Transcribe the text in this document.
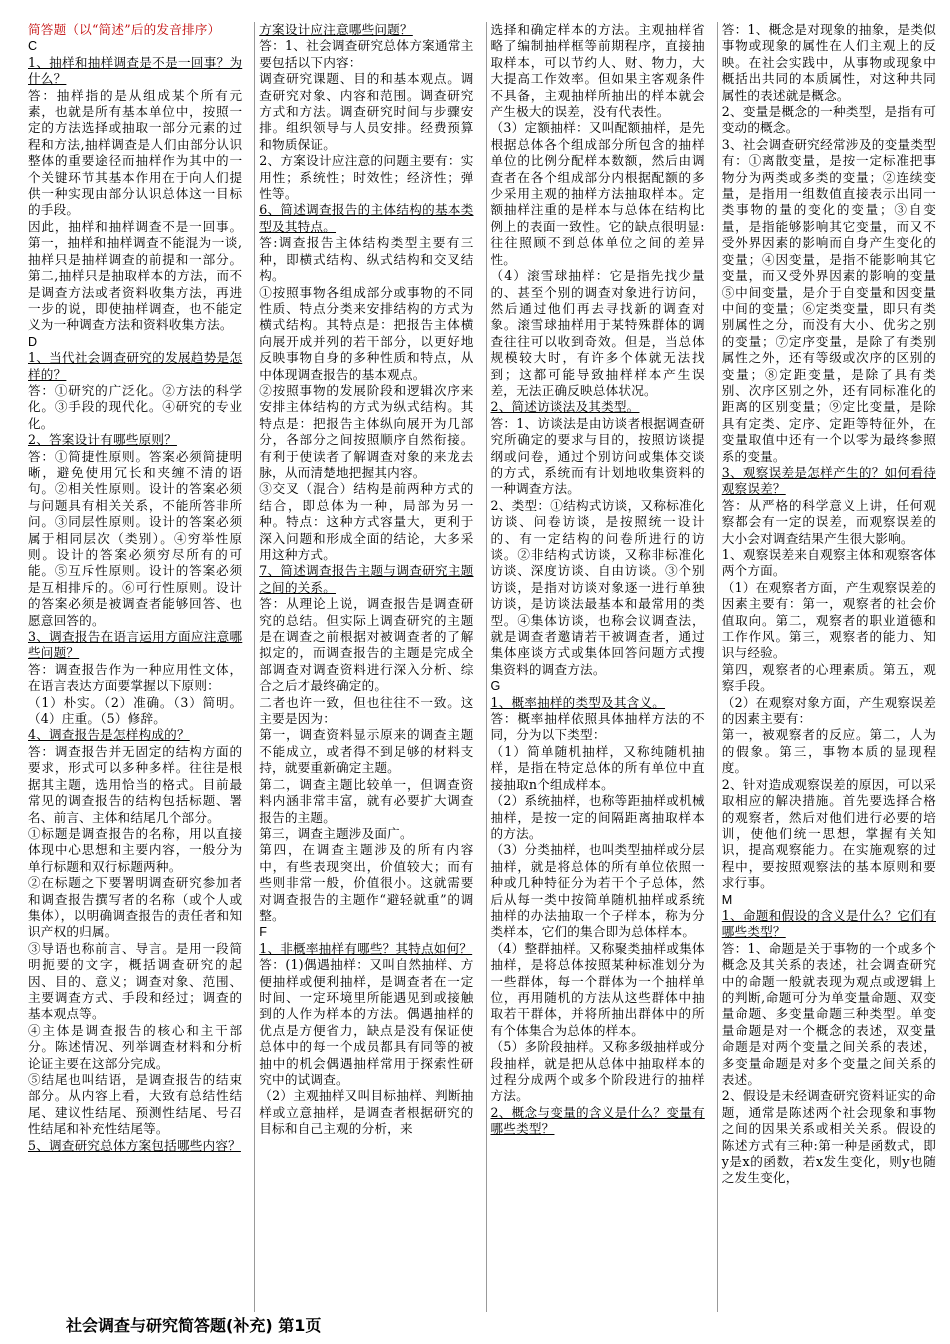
简答题（以“简述”后的发音排序）

C

1、抽样和抽样调查是不是一回事？为什么？

答：抽样指的是从组成某个所有元素，也就是所有基本单位中，按照一定的方法选择或抽取一部分元素的过程和方法,抽样调查是人们由部分认识整体的重要途径而抽样作为其中的一个关键环节其基本作用在于向人们提供一种实现由部分认识总体这一目标的手段。

因此，抽样和抽样调查不是一回事。第一，抽样和抽样调查不能混为一谈,抽样只是抽样调查的前提和一部分。第二,抽样只是抽取样本的方法，而不是调查方法或者资料收集方法，再进一步的说，即使抽样调查，也不能定义为一种调查方法和资料收集方法。

D

1、当代社会调查研究的发展趋势是怎样的？

答：①研究的广泛化。②方法的科学化。③手段的现代化。④研究的专业化。

2、答案设计有哪些原则？

答：①简捷性原则。答案必须简捷明晰，避免使用冗长和夹缠不清的语句。②相关性原则。设计的答案必须与问题具有相关关系，不能所答非所问。③同层性原则。设计的答案必须属于相同层次（类别）。④穷举性原则。设计的答案必须穷尽所有的可能。⑤互斥性原则。设计的答案必须是互相排斥的。⑥可行性原则。设计的答案必须是被调查者能够回答、也愿意回答的。

3、调查报告在语言运用方面应注意哪些问题？

答：调查报告作为一种应用性文体，在语言表达方面要掌握以下原则：

（1）朴实。（2）准确。（3）简明。（4）庄重。（5）修辞。

4、调查报告是怎样构成的？

答：调查报告并无固定的结构方面的要求，形式可以多种多样。往往是根据其主题，选用恰当的格式。目前最常见的调查报告的结构包括标题、署名、前言、主体和结尾几个部分。

①标题是调查报告的名称，用以直接体现中心思想和主要内容，一般分为单行标题和双行标题两种。

②在标题之下要署明调查研究参加者和调查报告撰写者的名称（或个人或集体），以明确调查报告的责任者和知识产权的归属。

③导语也称前言、导言。是用一段简明扼要的文字，概括调查研究的起因、目的、意义；调查对象、范围、主要调查方式、手段和经过；调查的基本观点等。

④主体是调查报告的核心和主干部分。陈述情况、列举调查材料和分析论证主要在这部分完成。

⑤结尾也叫结语，是调查报告的结束部分。从内容上看，大致有总结性结尾、建议性结尾、预测性结尾、号召性结尾和补充性结尾等。

5、调查研究总体方案包括哪些内容？

方案设计应注意哪些问题？

答：1、社会调查研究总体方案通常主要包括以下内容：

调查研究课题、目的和基本观点。调查研究对象、内容和范围。调查研究方式和方法。调查研究时间与步骤安排。组织领导与人员安排。经费预算和物质保证。

2、方案设计应注意的问题主要有：实用性；系统性；时效性；经济性；弹性等。

6、简述调查报告的主体结构的基本类型及其特点。

答:调查报告主体结构类型主要有三种，即横式结构、纵式结构和交叉结构。

①按照事物各组成部分或事物的不同性质、特点分类来安排结构的方式为横式结构。其特点是：把报告主体横向展开成并列的若干部分，以更好地反映事物自身的多种性质和特点，从中体现调查报告的基本观点。

②按照事物的发展阶段和逻辑次序来安排主体结构的方式为纵式结构。其特点是：把报告主体纵向展开为几部分，各部分之间按照顺序自然衔接。有利于使读者了解调查对象的来龙去脉，从而清楚地把握其内容。

③交叉（混合）结构是前两种方式的结合，即总体为一种，局部为另一种。特点：这种方式容量大，更利于深入问题和形成全面的结论，大多采用这种方式。

7、简述调查报告主题与调查研究主题之间的关系。

答：从理论上说，调查报告是调查研究的总结。但实际上调查研究的主题是在调查之前根据对被调查者的了解拟定的，而调查报告的主题是完成全部调查对调查资料进行深入分析、综合之后才最终确定的。

二者也许一致，但也往往不一致。这主要是因为：

第一，调查资料显示原来的调查主题不能成立，或者得不到足够的材料支持，就要重新确定主题。

第二，调查主题比较单一，但调查资料内涵非常丰富，就有必要扩大调查报告的主题。

第三，调查主题涉及面广。

第四，在调查主题涉及的所有内容中，有些表现突出，价值较大；而有些则非常一般，价值很小。这就需要对调查报告的主题作“避轻就重”的调整。

F

1、非概率抽样有哪些？其特点如何？

答：(1)偶遇抽样：又叫自然抽样、方便抽样或便利抽样，是调查者在一定时间、一定环境里所能遇见到或接触到的人作为样本的方法。偶遇抽样的优点是方便省力，缺点是没有保证使总体中的每一个成员都具有同等的被抽中的机会偶遇抽样常用于探索性研究中的试调查。

（2）主观抽样又叫目标抽样、判断抽样或立意抽样，是调查者根据研究的目标和自己主观的分析，来

选择和确定样本的方法。主观抽样省略了编制抽样框等前期程序，直接抽取样本，可以节约人、财、物力，大大提高工作效率。但如果主客观条件不具备，主观抽样所抽出的样本就会产生极大的误差，没有代表性。

（3）定额抽样：又叫配额抽样，是先根据总体各个组成部分所包含的抽样单位的比例分配样本数额，然后由调查者在各个组成部分内根据配额的多少采用主观的抽样方法抽取样本。定额抽样注重的是样本与总体在结构比例上的表面一致性。它的缺点很明显:往往照顾不到总体单位之间的差异性。

（4）滚雪球抽样：它是指先找少量的、甚至个别的调查对象进行访问，然后通过他们再去寻找新的调查对象。滚雪球抽样用于某特殊群体的调查往往可以收到奇效。但是，当总体规模较大时，有许多个体就无法找到；这都可能导致抽样样本产生误差，无法正确反映总体状况。

2、简述访谈法及其类型。

答：1、访谈法是由访谈者根据调查研究所确定的要求与目的，按照访谈提纲或问卷，通过个别访问或集体交谈的方式，系统而有计划地收集资料的一种调查方法。

2、类型：①结构式访谈，又称标准化访谈、问卷访谈，是按照统一设计的、有一定结构的问卷所进行的访谈。②非结构式访谈，又称非标准化访谈、深度访谈、自由访谈。③个别访谈，是指对访谈对象逐一进行单独访谈，是访谈法最基本和最常用的类型。④集体访谈，也称会议调查法，就是调查者邀请若干被调查者，通过集体座谈方式或集体回答问题方式搜集资料的调查方法。

G

1、概率抽样的类型及其含义。

答：概率抽样依照具体抽样方法的不同，分为以下类型：

（1）简单随机抽样，又称纯随机抽样，是指在特定总体的所有单位中直接抽取n个组成样本。

（2）系统抽样，也称等距抽样或机械抽样，是按一定的间隔距离抽取样本的方法。

（3）分类抽样，也叫类型抽样或分层抽样，就是将总体的所有单位依照一种或几种特征分为若干个子总体，然后从每一类中按简单随机抽样或系统抽样的办法抽取一个子样本，称为分类样本，它们的集合即为总体样本。

（4）整群抽样。又称聚类抽样或集体抽样，是将总体按照某种标准划分为一些群体，每一个群体为一个抽样单位，再用随机的方法从这些群体中抽取若干群体，并将所抽出群体中的所有个体集合为总体的样本。

（5）多阶段抽样。又称多级抽样或分段抽样，就是把从总体中抽取样本的过程分成两个或多个阶段进行的抽样方法。

2、概念与变量的含义是什么？变量有哪些类型？

答：1、概念是对现象的抽象，是类似事物或现象的属性在人们主观上的反映。在社会实践中，从事物或现象中概括出共同的本质属性，对这种共同属性的表述就是概念。

2、变量是概念的一种类型，是指有可变动的概念。

3、社会调查研究经常涉及的变量类型有：①离散变量，是按一定标准把事物分为两类或多类的变量；②连续变量，是指用一组数值直接表示出同一类事物的量的变化的变量；③自变量，是指能够影响其它变量，而又不受外界因素的影响而自身产生变化的变量；④因变量，是指不能影响其它变量，而又受外界因素的影响的变量⑤中间变量，是介于自变量和因变量中间的变量；⑥定类变量，即只有类别属性之分，而没有大小、优劣之别的变量；⑦定序变量，是除了有类别属性之外，还有等级或次序的区别的变量；⑧定距变量，是除了具有类别、次序区别之外，还有同标准化的距离的区别变量；⑨定比变量，是除具有定类、定序、定距等特征外，在变量取值中还有一个以零为最终参照系的变量。

3、观察误差是怎样产生的？如何看待观察误差？

答：从严格的科学意义上讲，任何观察都会有一定的误差，而观察误差的大小会对调查结果产生很大影响。

1、观察误差来自观察主体和观察客体两个方面。

（1）在观察者方面，产生观察误差的因素主要有：第一，观察者的社会价值取向。第二，观察者的职业道德和工作作风。第三，观察者的能力、知识与经验。

第四，观察者的心理素质。第五，观察手段。

（2）在观察对象方面，产生观察误差的因素主要有：

第一，被观察者的反应。第二，人为的假象。第三，事物本质的显现程度。

2、针对造成观察误差的原因，可以采取相应的解决措施。首先要选择合格的观察者，然后对他们进行必要的培训，使他们统一思想，掌握有关知识，提高观察能力。在实施观察的过程中，要按照观察法的基本原则和要求行事。

M

1、命题和假设的含义是什么？它们有哪些类型？

答：1、命题是关于事物的一个或多个概念及其关系的表述，社会调查研究中的命题一般就表现为观点或逻辑上的判断,命题可分为单变量命题、双变量命题、多变量命题三种类型。单变量命题是对一个概念的表述，双变量命题是对两个变量之间关系的表述，多变量命题是对多个变量之间关系的表述。

2、假设是未经调查研究资料证实的命题，通常是陈述两个社会现象和事物之间的因果关系或相关关系。假设的陈述方式有三种:第一种是函数式，即y是x的函数，若x发生变化，则y也随之发生变化，

社会调查与研究简答题(补充) 第1页
